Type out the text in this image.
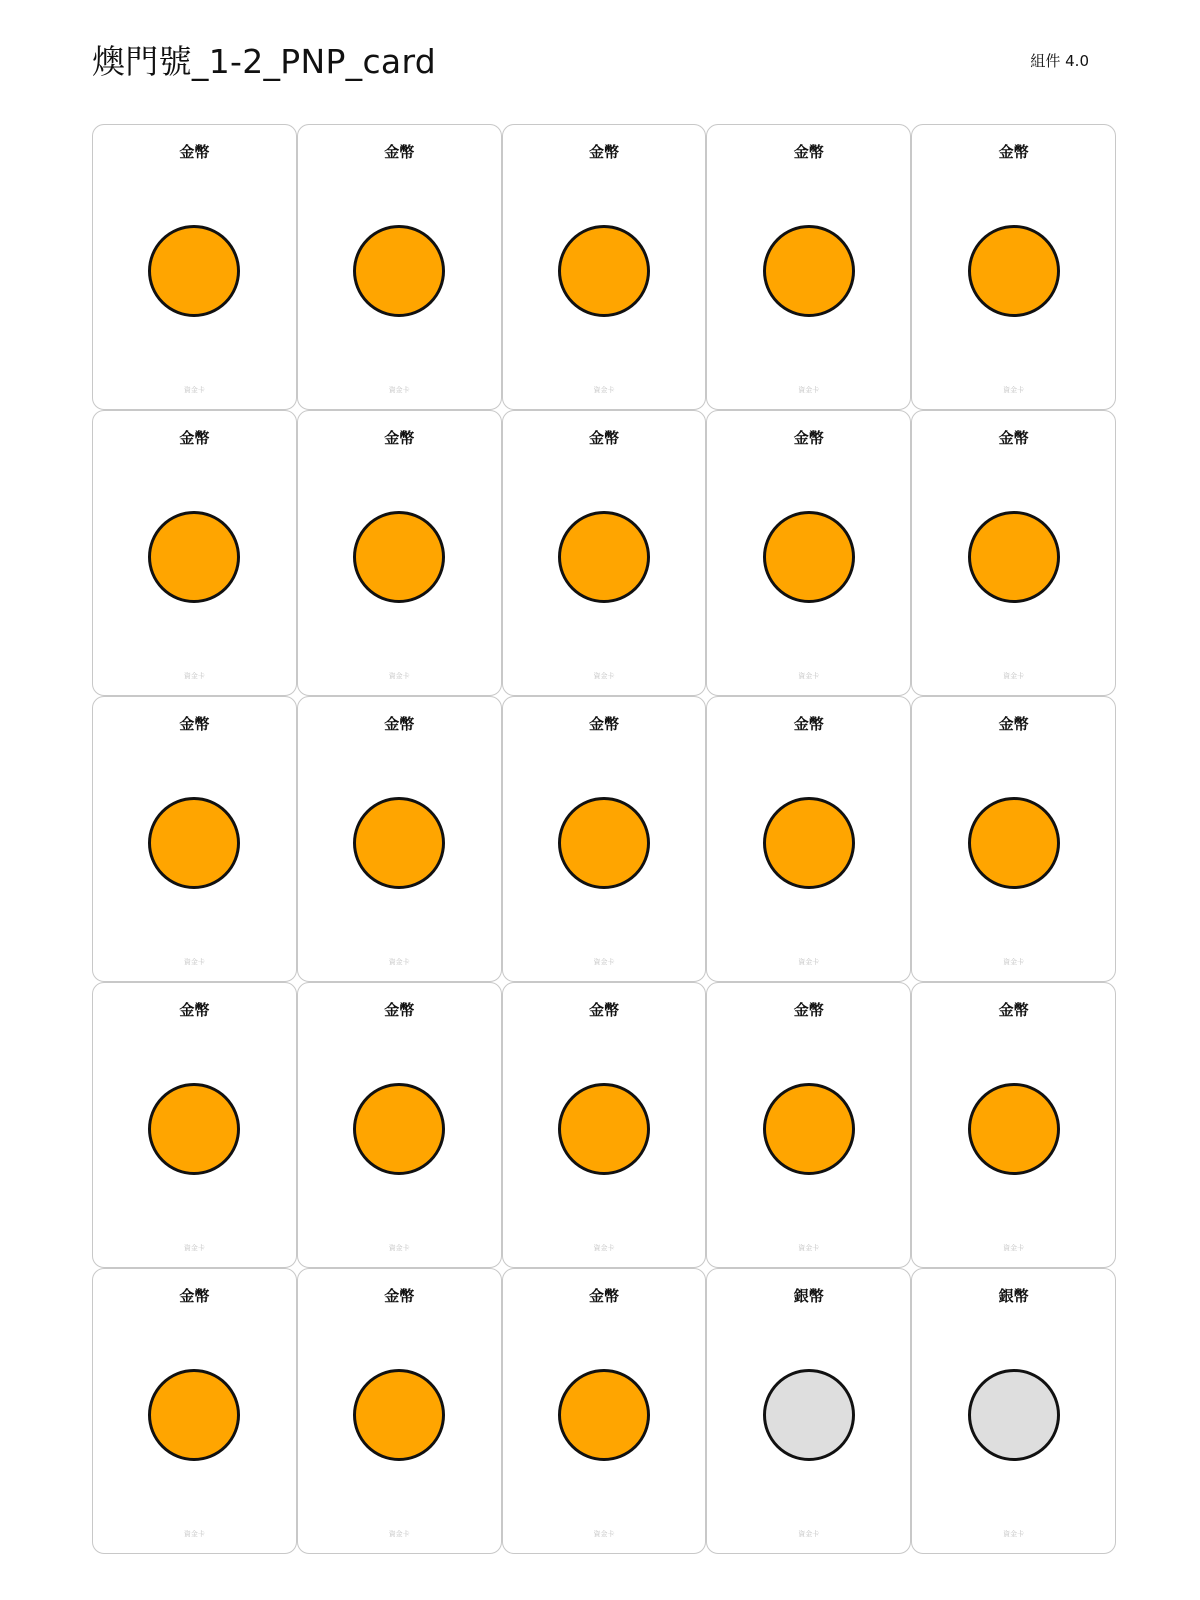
燠門號_1-2_PNP_card	組件 4.0
金幣
資金卡
金幣
資金卡
金幣
資金卡
金幣
資金卡
金幣
資金卡
金幣
資金卡
金幣
資金卡
金幣
資金卡
金幣
資金卡
金幣
資金卡
金幣
資金卡
金幣
資金卡
金幣
資金卡
金幣
資金卡
金幣
資金卡
金幣
資金卡
金幣
資金卡
金幣
資金卡
金幣
資金卡
金幣
資金卡
金幣
資金卡
金幣
資金卡
金幣
資金卡
銀幣
資金卡
銀幣
資金卡
